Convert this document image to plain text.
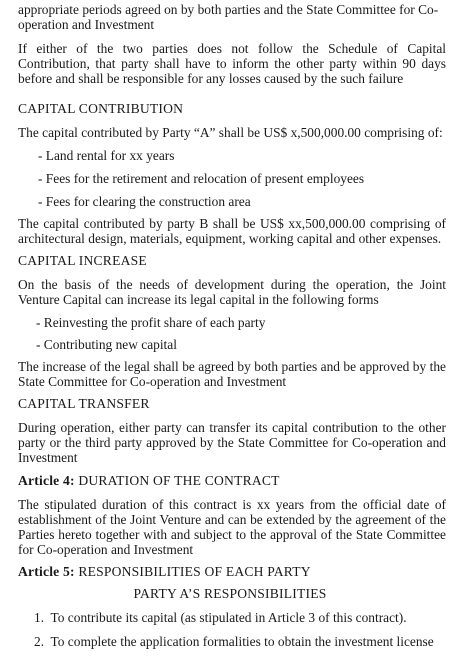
appropriate periods agreed on by both parties and the State Committee for Co-
operation and Investment
If either of the two parties does not follow the Schedule of Capital
Contribution, that party shall have to inform the other party within 90 days
before and shall be responsible for any losses caused by the such failure
CAPITAL CONTRIBUTION
The capital contributed by Party “A” shall be US$ x,500,000.00 comprising of:
- Land rental for xx years
- Fees for the retirement and relocation of present employees
- Fees for clearing the construction area
The capital contributed by party B shall be US$ xx,500,000.00 comprising of
architectural design, materials, equipment, working capital and other expenses.
CAPITAL INCREASE
On the basis of the needs of development during the operation, the Joint
Venture Capital can increase its legal capital in the following forms
- Reinvesting the profit share of each party
- Contributing new capital
The increase of the legal shall be agreed by both parties and be approved by the
State Committee for Co-operation and Investment
CAPITAL TRANSFER
During operation, either party can transfer its capital contribution to the other
party or the third party approved by the State Committee for Co-operation and
Investment
Article 4: DURATION OF THE CONTRACT
The stipulated duration of this contract is xx years from the official date of
establishment of the Joint Venture and can be extended by the agreement of the
Parties hereto together with and subject to the approval of the State Committee
for Co-operation and Investment
Article 5: RESPONSIBILITIES OF EACH PARTY
PARTY A’S RESPONSIBILITIES
1. To contribute its capital (as stipulated in Article 3 of this contract).
2. To complete the application formalities to obtain the investment license
